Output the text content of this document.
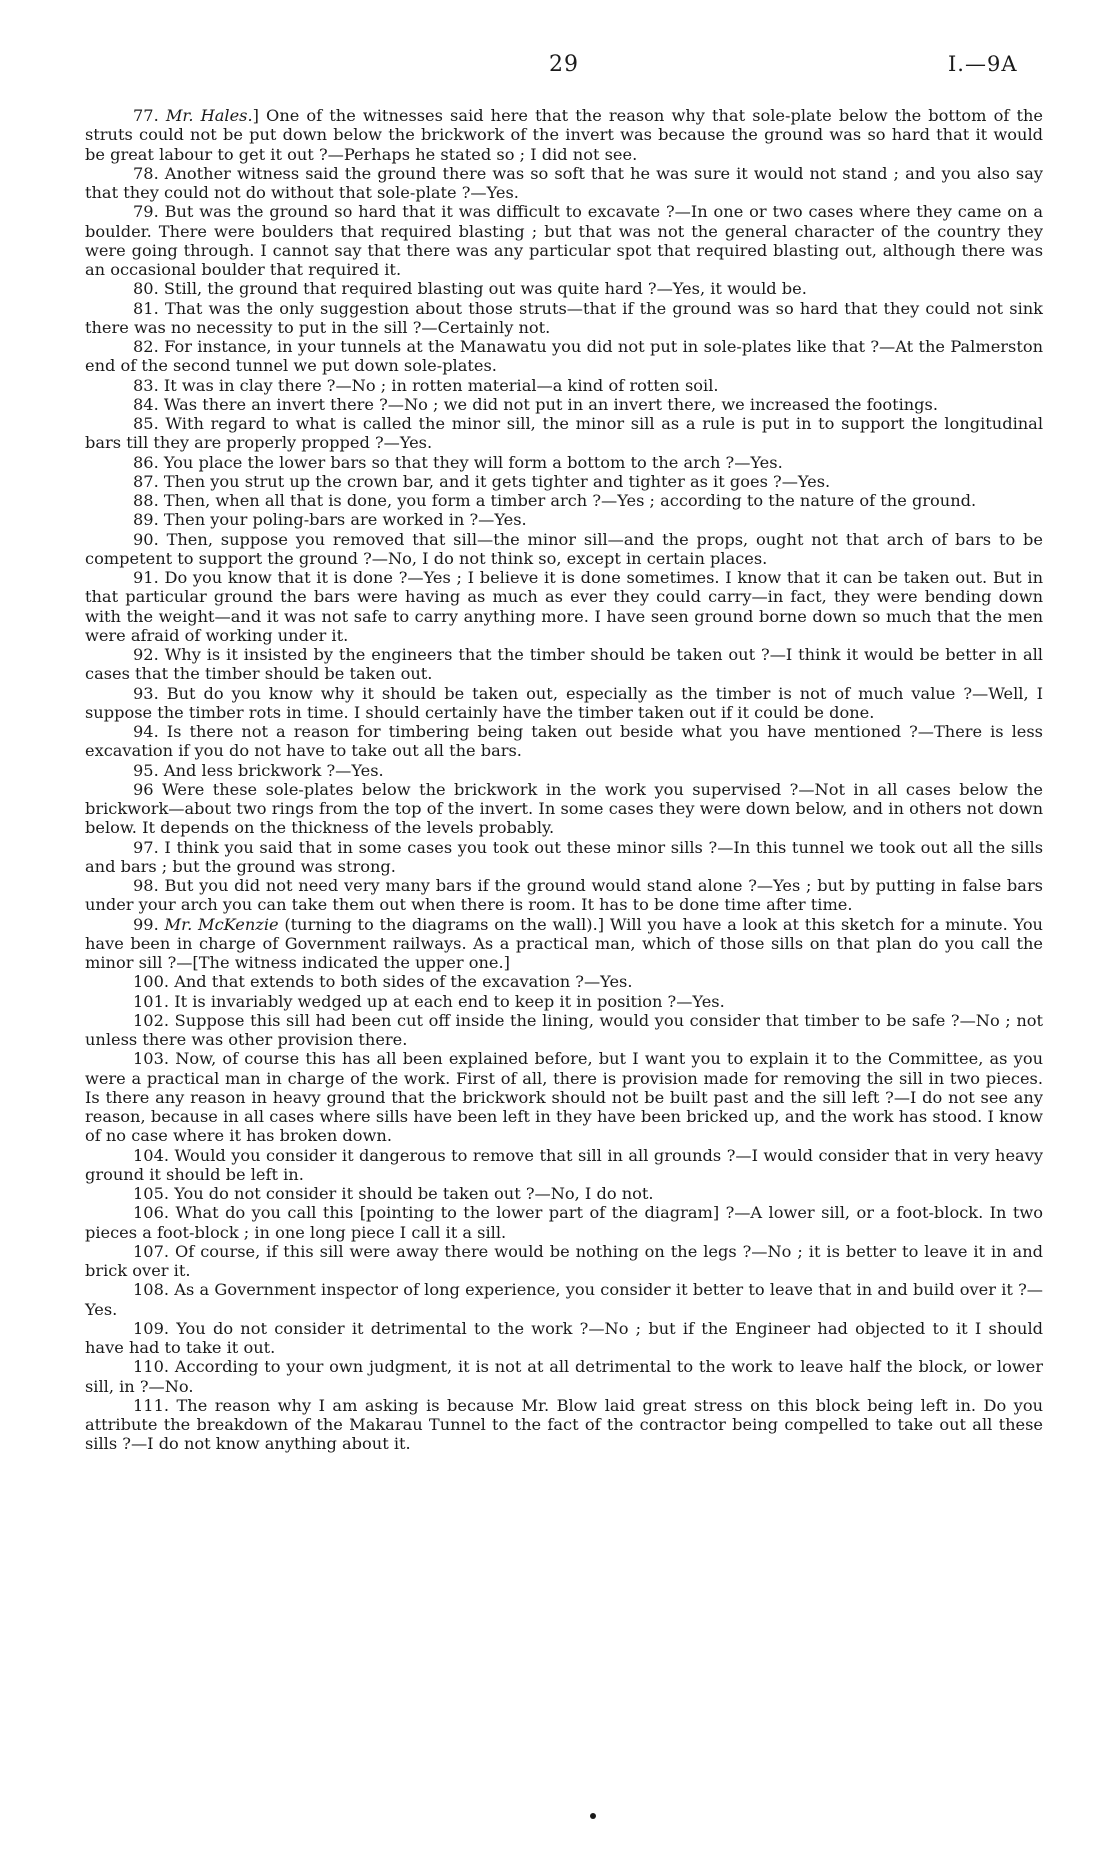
29	I.—9A

77. Mr. Hales.] One of the witnesses said here that the reason why that sole-plate below the bottom of the struts could not be put down below the brickwork of the invert was because the ground was so hard that it would be great labour to get it out ?—Perhaps he stated so ; I did not see.

78. Another witness said the ground there was so soft that he was sure it would not stand ; and you also say that they could not do without that sole-plate ?—Yes.

79. But was the ground so hard that it was difficult to excavate ?—In one or two cases where they came on a boulder. There were boulders that required blasting ; but that was not the general character of the country they were going through. I cannot say that there was any particular spot that required blasting out, although there was an occasional boulder that required it.

80. Still, the ground that required blasting out was quite hard ?—Yes, it would be.

81. That was the only suggestion about those struts—that if the ground was so hard that they could not sink there was no necessity to put in the sill ?—Certainly not.

82. For instance, in your tunnels at the Manawatu you did not put in sole-plates like that ?—At the Palmerston end of the second tunnel we put down sole-plates.

83. It was in clay there ?—No ; in rotten material—a kind of rotten soil.

84. Was there an invert there ?—No ; we did not put in an invert there, we increased the footings.

85. With regard to what is called the minor sill, the minor sill as a rule is put in to support the longitudinal bars till they are properly propped ?—Yes.

86. You place the lower bars so that they will form a bottom to the arch ?—Yes.

87. Then you strut up the crown bar, and it gets tighter and tighter as it goes ?—Yes.

88. Then, when all that is done, you form a timber arch ?—Yes ; according to the nature of the ground.

89. Then your poling-bars are worked in ?—Yes.

90. Then, suppose you removed that sill—the minor sill—and the props, ought not that arch of bars to be competent to support the ground ?—No, I do not think so, except in certain places.

91. Do you know that it is done ?—Yes ; I believe it is done sometimes. I know that it can be taken out. But in that particular ground the bars were having as much as ever they could carry—in fact, they were bending down with the weight—and it was not safe to carry anything more. I have seen ground borne down so much that the men were afraid of working under it.

92. Why is it insisted by the engineers that the timber should be taken out ?—I think it would be better in all cases that the timber should be taken out.

93. But do you know why it should be taken out, especially as the timber is not of much value ?—Well, I suppose the timber rots in time. I should certainly have the timber taken out if it could be done.

94. Is there not a reason for timbering being taken out beside what you have mentioned ?—There is less excavation if you do not have to take out all the bars.

95. And less brickwork ?—Yes.

96 Were these sole-plates below the brickwork in the work you supervised ?—Not in all cases below the brickwork—about two rings from the top of the invert. In some cases they were down below, and in others not down below. It depends on the thickness of the levels probably.

97. I think you said that in some cases you took out these minor sills ?—In this tunnel we took out all the sills and bars ; but the ground was strong.

98. But you did not need very many bars if the ground would stand alone ?—Yes ; but by putting in false bars under your arch you can take them out when there is room. It has to be done time after time.

99. Mr. McKenzie (turning to the diagrams on the wall).] Will you have a look at this sketch for a minute. You have been in charge of Government railways. As a practical man, which of those sills on that plan do you call the minor sill ?—[The witness indicated the upper one.]

100. And that extends to both sides of the excavation ?—Yes.

101. It is invariably wedged up at each end to keep it in position ?—Yes.

102. Suppose this sill had been cut off inside the lining, would you consider that timber to be safe ?—No ; not unless there was other provision there.

103. Now, of course this has all been explained before, but I want you to explain it to the Committee, as you were a practical man in charge of the work. First of all, there is provision made for removing the sill in two pieces. Is there any reason in heavy ground that the brickwork should not be built past and the sill left ?—I do not see any reason, because in all cases where sills have been left in they have been bricked up, and the work has stood. I know of no case where it has broken down.

104. Would you consider it dangerous to remove that sill in all grounds ?—I would consider that in very heavy ground it should be left in.

105. You do not consider it should be taken out ?—No, I do not.

106. What do you call this [pointing to the lower part of the diagram] ?—A lower sill, or a foot-block. In two pieces a foot-block ; in one long piece I call it a sill.

107. Of course, if this sill were away there would be nothing on the legs ?—No ; it is better to leave it in and brick over it.

108. As a Government inspector of long experience, you consider it better to leave that in and build over it ?—Yes.

109. You do not consider it detrimental to the work ?—No ; but if the Engineer had objected to it I should have had to take it out.

110. According to your own judgment, it is not at all detrimental to the work to leave half the block, or lower sill, in ?—No.

111. The reason why I am asking is because Mr. Blow laid great stress on this block being left in. Do you attribute the breakdown of the Makarau Tunnel to the fact of the contractor being compelled to take out all these sills ?—I do not know anything about it.
